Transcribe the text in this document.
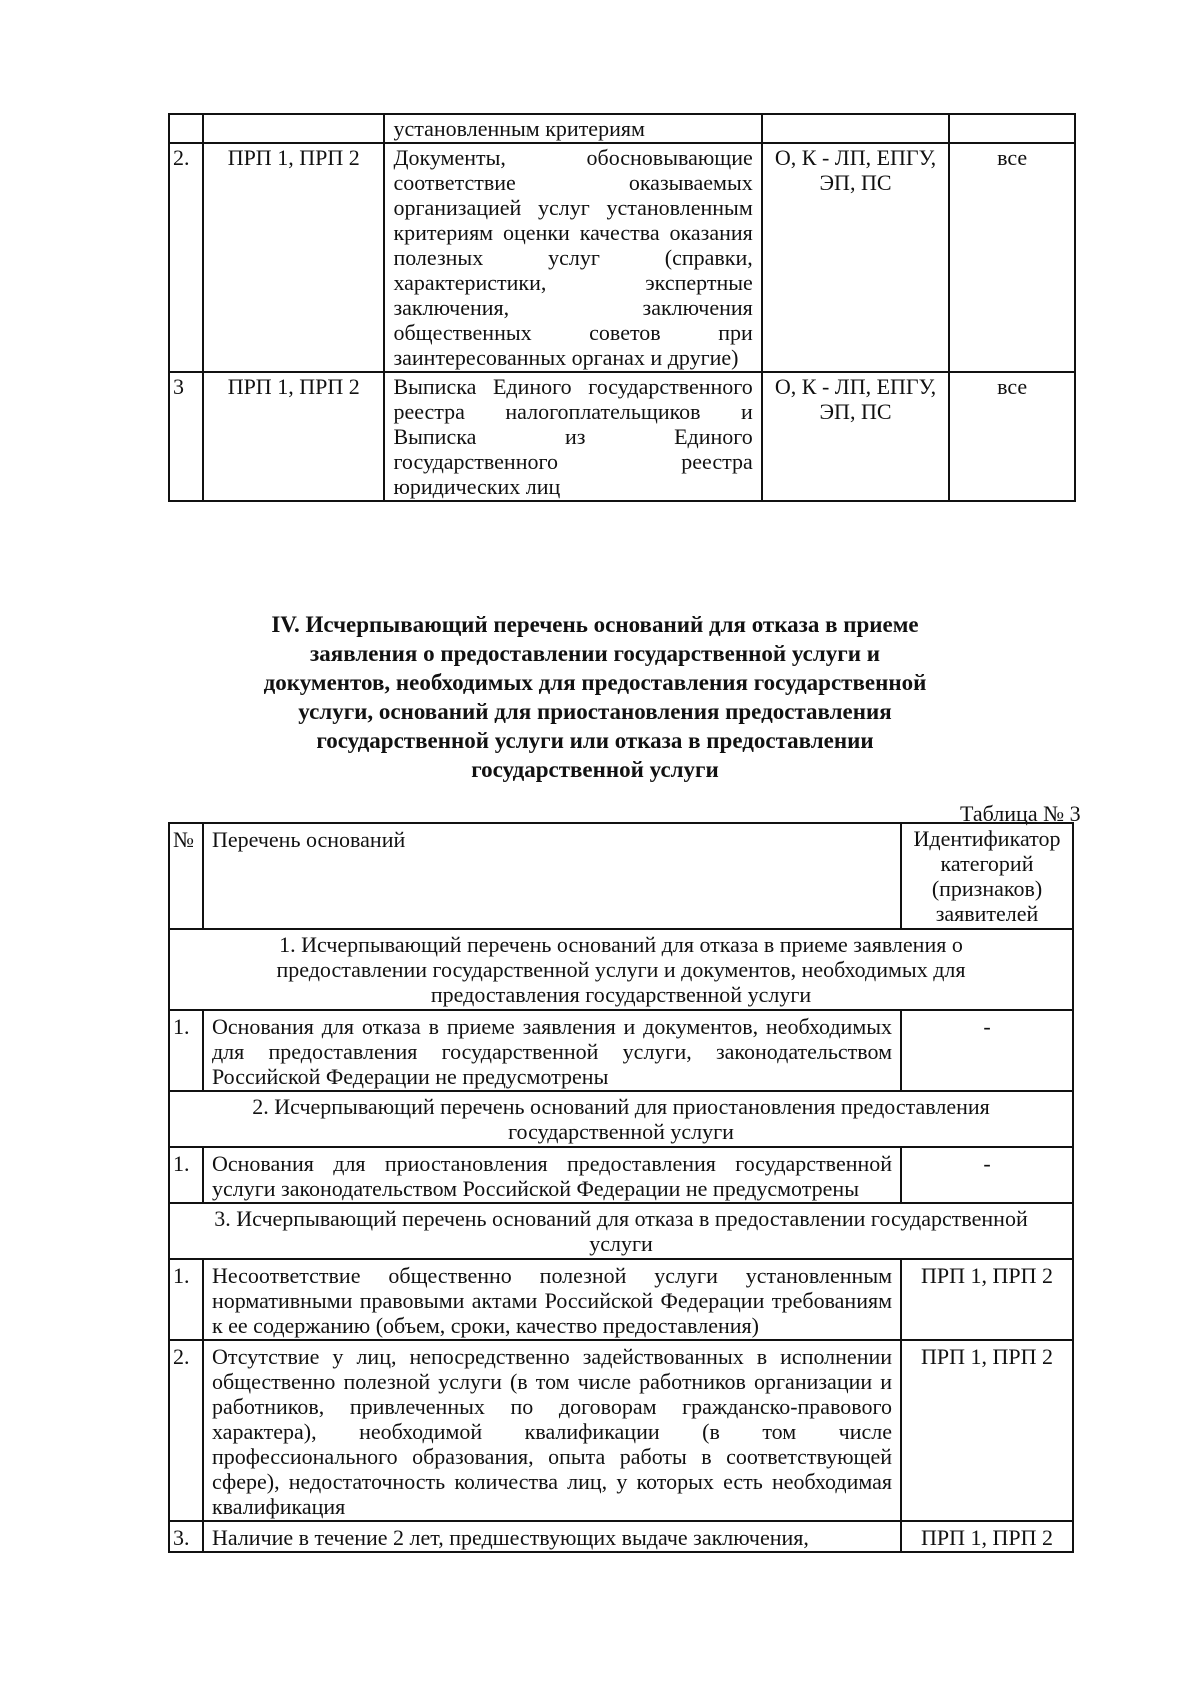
		установленным критериям		
2.	ПРП 1, ПРП 2	Документы, обосновывающие соответствие оказываемых организацией услуг установленным критериям оценки качества оказания полезных услуг (справки, характеристики, экспертные заключения, заключения общественных советов при заинтересованных органах и другие)	О, К - ЛП, ЕПГУ, ЭП, ПС	все
3	ПРП 1, ПРП 2	Выписка Единого государственного реестра налогоплательщиков и Выписка из Единого государственного реестра юридических лиц	О, К - ЛП, ЕПГУ, ЭП, ПС	все
IV. Исчерпывающий перечень оснований для отказа в приеме заявления о предоставлении государственной услуги и документов, необходимых для предоставления государственной услуги, оснований для приостановления предоставления государственной услуги или отказа в предоставлении государственной услуги
Таблица № 3
№	Перечень оснований	Идентификатор категорий (признаков) заявителей
1. Исчерпывающий перечень оснований для отказа в приеме заявления о предоставлении государственной услуги и документов, необходимых для предоставления государственной услуги		
1.	Основания для отказа в приеме заявления и документов, необходимых для предоставления государственной услуги, законодательством Российской Федерации не предусмотрены	-
2. Исчерпывающий перечень оснований для приостановления предоставления государственной услуги		
1.	Основания для приостановления предоставления государственной услуги законодательством Российской Федерации не предусмотрены	-
3. Исчерпывающий перечень оснований для отказа в предоставлении государственной услуги		
1.	Несоответствие общественно полезной услуги установленным нормативными правовыми актами Российской Федерации требованиям к ее содержанию (объем, сроки, качество предоставления)	ПРП 1, ПРП 2
2.	Отсутствие у лиц, непосредственно задействованных в исполнении общественно полезной услуги (в том числе работников организации и работников, привлеченных по договорам гражданско-правового характера), необходимой квалификации (в том числе профессионального образования, опыта работы в соответствующей сфере), недостаточность количества лиц, у которых есть необходимая квалификация	ПРП 1, ПРП 2
3.	Наличие в течение 2 лет, предшествующих выдаче заключения,	ПРП 1, ПРП 2
